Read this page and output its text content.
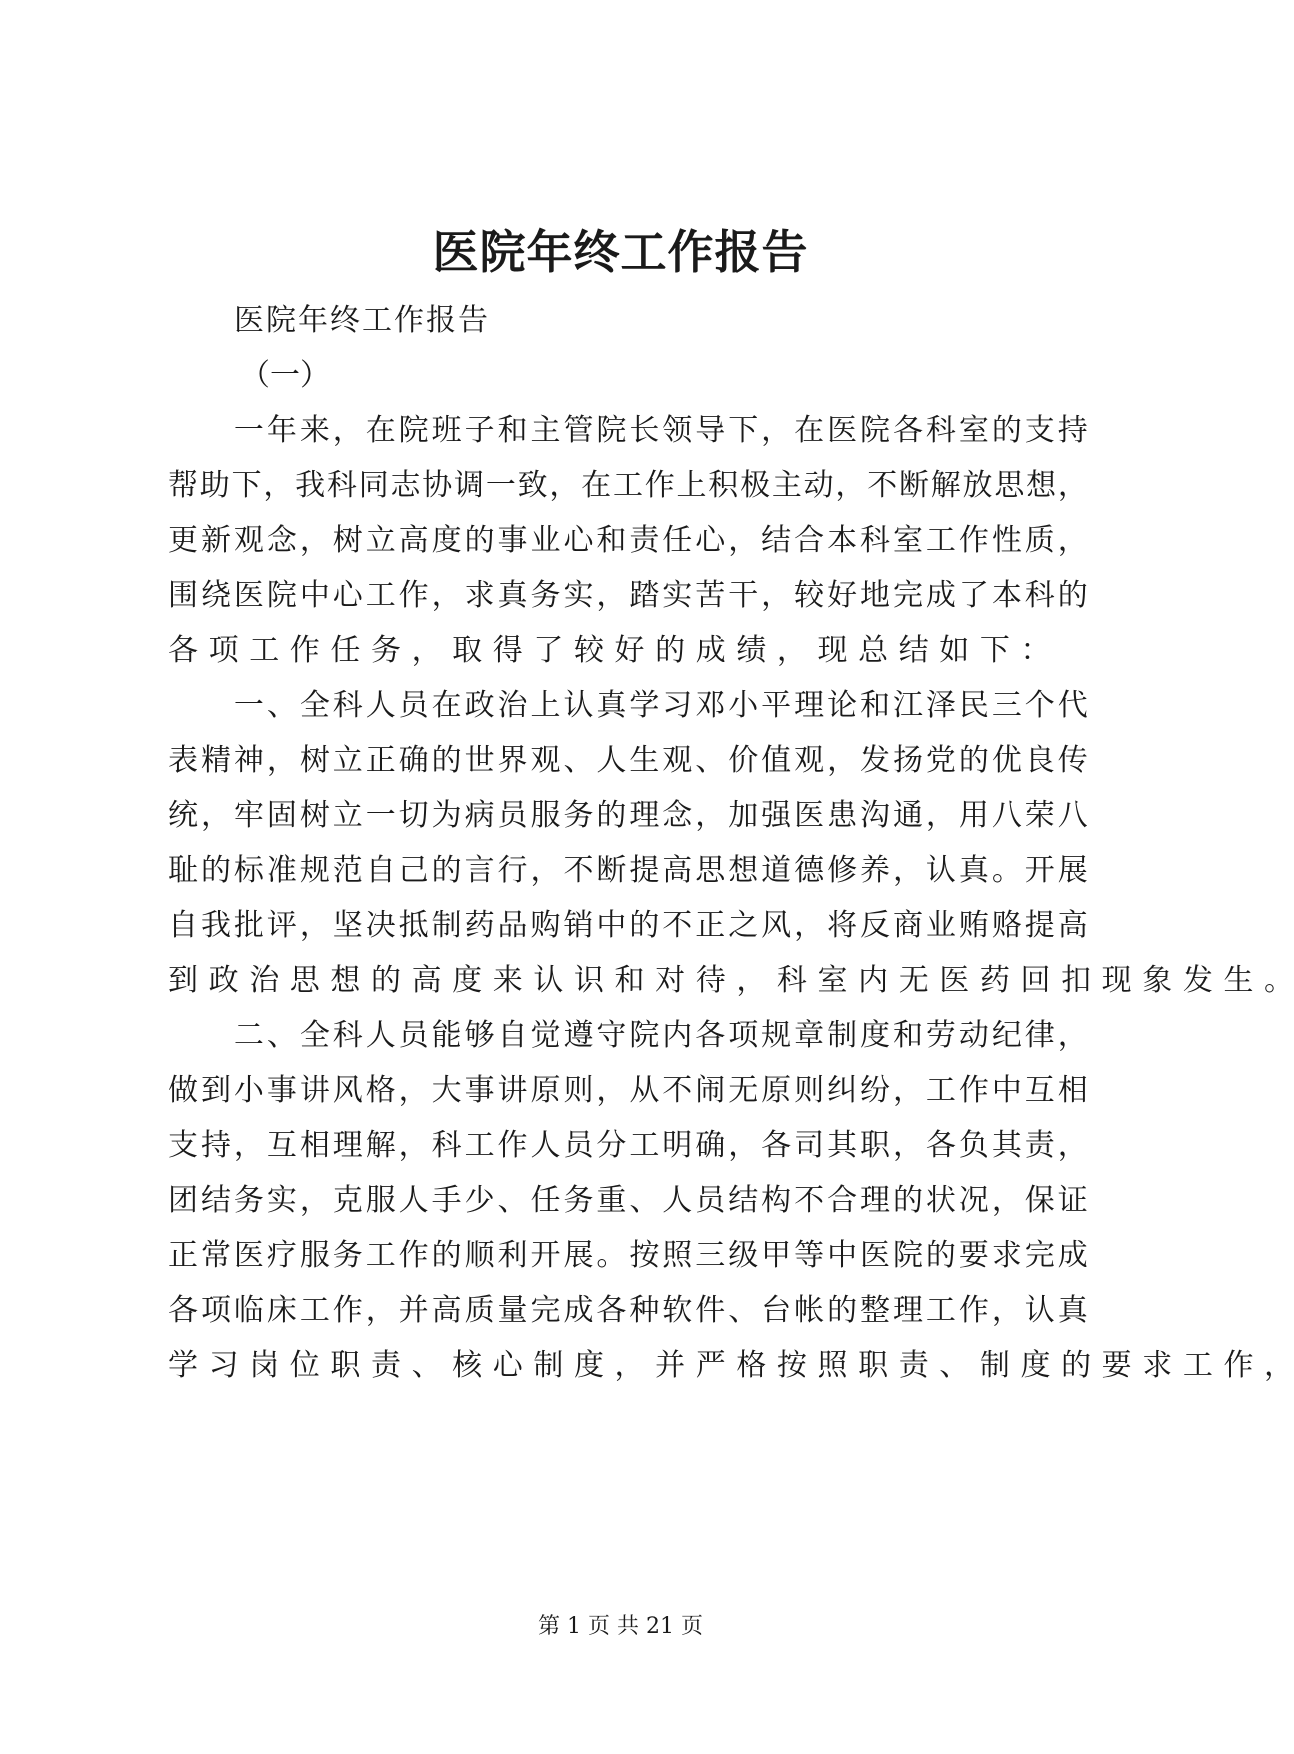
医院年终工作报告
医院年终工作报告
（一）

一 年 来 ， 在 院 班 子 和 主 管 院 长 领 导 下 ， 在 医 院 各 科 室 的 支 持
帮 助 下 ， 我 科 同 志 协 调 一 致 ， 在 工 作 上 积 极 主 动 ， 不 断 解 放 思 想 ，
更 新 观 念 ， 树 立 高 度 的 事 业 心 和 责 任 心 ， 结 合 本 科 室 工 作 性 质 ，
围 绕 医 院 中 心 工 作 ， 求 真 务 实 ， 踏 实 苦 干 ， 较 好 地 完 成 了 本 科 的
各 项 工 作 任 务 ， 取 得 了 较 好 的 成 绩 ， 现 总 结 如 下 ：

一 、 全 科 人 员 在 政 治 上 认 真 学 习 邓 小 平 理 论 和 江 泽 民 三 个 代
表 精 神 ， 树 立 正 确 的 世 界 观 、 人 生 观 、 价 值 观 ， 发 扬 党 的 优 良 传
统 ， 牢 固 树 立 一 切 为 病 员 服 务 的 理 念 ， 加 强 医 患 沟 通 ， 用 八 荣 八
耻 的 标 准 规 范 自 己 的 言 行 ， 不 断 提 高 思 想 道 德 修 养 ， 认 真 。 开 展
自 我 批 评 ， 坚 决 抵 制 药 品 购 销 中 的 不 正 之 风 ， 将 反 商 业 贿 赂 提 高
到 政 治 思 想 的 高 度 来 认 识 和 对 待 ， 科 室 内 无 医 药 回 扣 现 象 发 生 。

二 、 全 科 人 员 能 够 自 觉 遵 守 院 内 各 项 规 章 制 度 和 劳 动 纪 律 ，
做 到 小 事 讲 风 格 ， 大 事 讲 原 则 ， 从 不 闹 无 原 则 纠 纷 ， 工 作 中 互 相
支 持 ， 互 相 理 解 ， 科 工 作 人 员 分 工 明 确 ， 各 司 其 职 ， 各 负 其 责 ，
团 结 务 实 ， 克 服 人 手 少 、 任 务 重 、 人 员 结 构 不 合 理 的 状 况 ， 保 证
正 常 医 疗 服 务 工 作 的 顺 利 开 展 。 按 照 三 级 甲 等 中 医 院 的 要 求 完 成
各 项 临 床 工 作 ， 并 高 质 量 完 成 各 种 软 件 、 台 帐 的 整 理 工 作 ， 认 真
学 习 岗 位 职 责 、 核 心 制 度 ， 并 严 格 按 照 职 责 、 制 度 的 要 求 工 作 ，
第 1 页 共 21 页
